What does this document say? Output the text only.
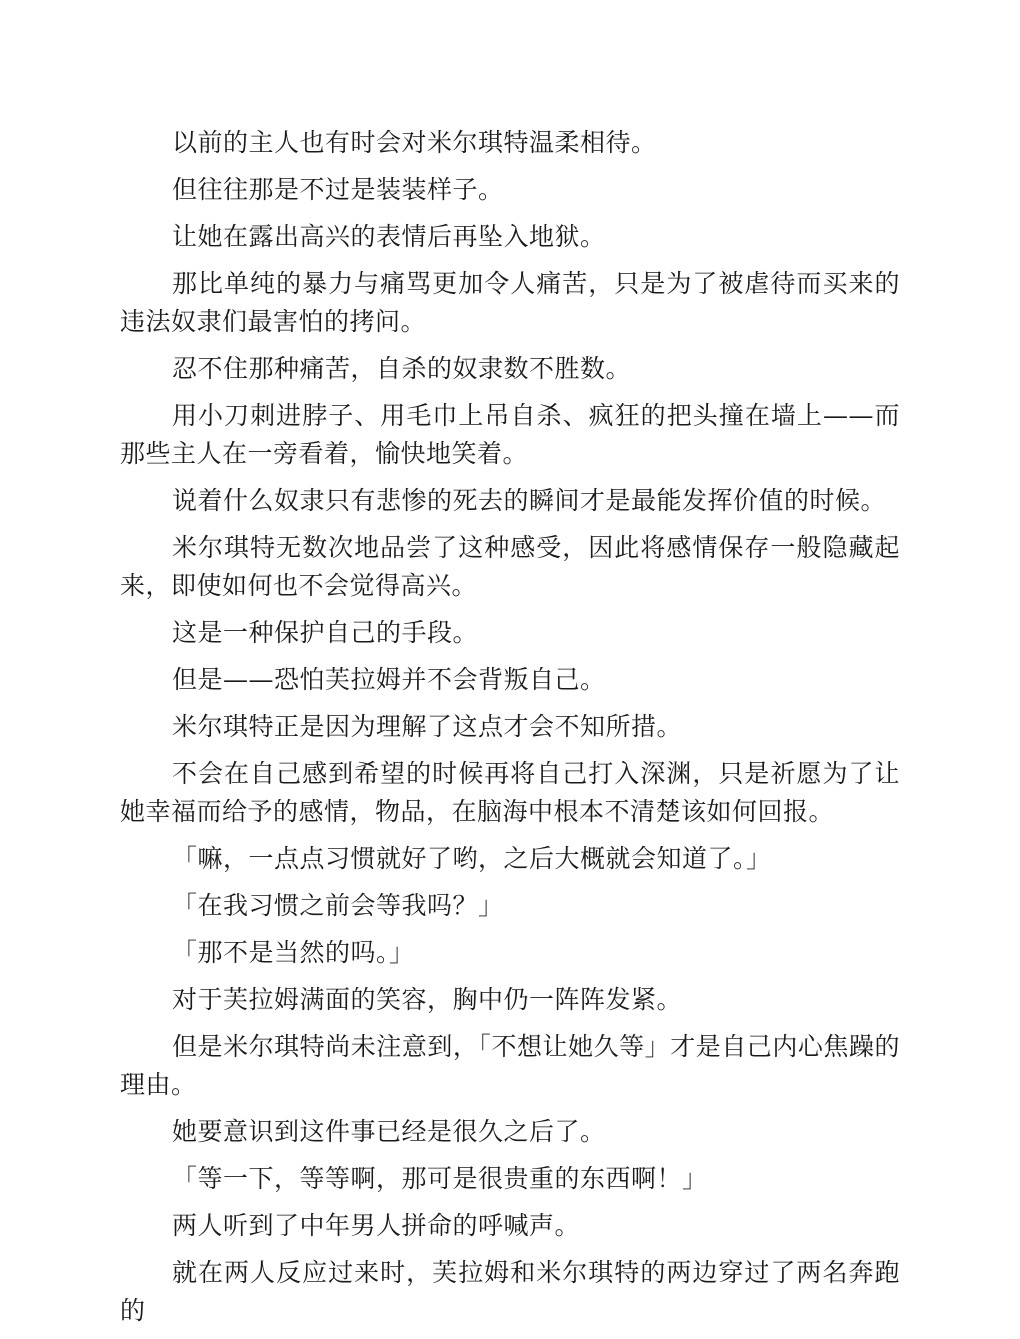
以前的主人也有时会对米尔琪特温柔相待。

但往往那是不过是装装样子。

让她在露出高兴的表情后再坠入地狱。

那比单纯的暴力与痛骂更加令人痛苦，只是为了被虐待而买来的违法奴隶们最害怕的拷问。

忍不住那种痛苦，自杀的奴隶数不胜数。

用小刀刺进脖子、用毛巾上吊自杀、疯狂的把头撞在墙上——而那些主人在一旁看着，愉快地笑着。

说着什么奴隶只有悲惨的死去的瞬间才是最能发挥价值的时候。

米尔琪特无数次地品尝了这种感受，因此将感情保存一般隐藏起来，即使如何也不会觉得高兴。

这是一种保护自己的手段。

但是——恐怕芙拉姆并不会背叛自己。

米尔琪特正是因为理解了这点才会不知所措。

不会在自己感到希望的时候再将自己打入深渊，只是祈愿为了让她幸福而给予的感情，物品，在脑海中根本不清楚该如何回报。

「嘛，一点点习惯就好了哟，之后大概就会知道了。」

「在我习惯之前会等我吗？」

「那不是当然的吗。」

对于芙拉姆满面的笑容，胸中仍一阵阵发紧。

但是米尔琪特尚未注意到，「不想让她久等」才是自己内心焦躁的理由。

她要意识到这件事已经是很久之后了。

「等一下，等等啊，那可是很贵重的东西啊！」

两人听到了中年男人拼命的呼喊声。

就在两人反应过来时，芙拉姆和米尔琪特的两边穿过了两名奔跑的
